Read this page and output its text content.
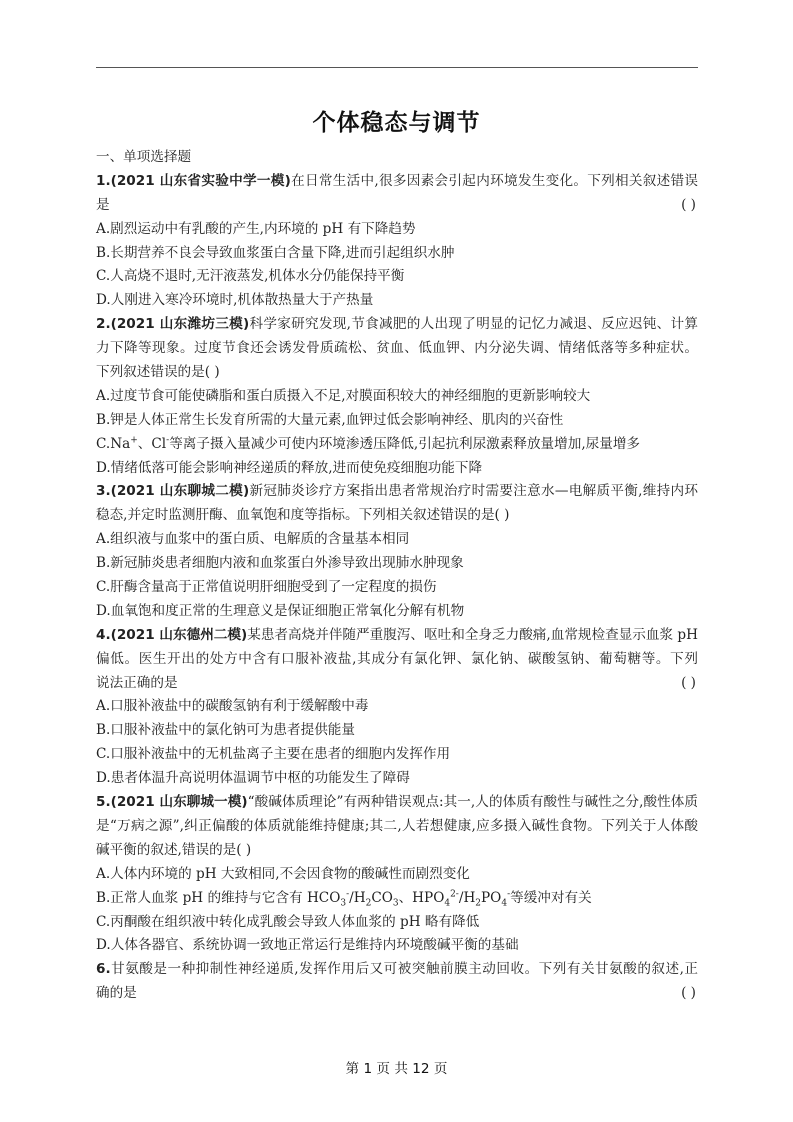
个体稳态与调节
一、单项选择题
1.(2021 山东省实验中学一模)在日常生活中,很多因素会引起内环境发生变化。下列相关叙述错误
是	( )
A.剧烈运动中有乳酸的产生,内环境的 pH 有下降趋势
B.长期营养不良会导致血浆蛋白含量下降,进而引起组织水肿
C.人高烧不退时,无汗液蒸发,机体水分仍能保持平衡
D.人刚进入寒冷环境时,机体散热量大于产热量
2.(2021 山东潍坊三模)科学家研究发现,节食减肥的人出现了明显的记忆力减退、反应迟钝、计算
力下降等现象。过度节食还会诱发骨质疏松、贫血、低血钾、内分泌失调、情绪低落等多种症状。
下列叙述错误的是( )
A.过度节食可能使磷脂和蛋白质摄入不足,对膜面积较大的神经细胞的更新影响较大
B.钾是人体正常生长发育所需的大量元素,血钾过低会影响神经、肌肉的兴奋性
C.Na+、Cl-等离子摄入量减少可使内环境渗透压降低,引起抗利尿激素释放量增加,尿量增多
D.情绪低落可能会影响神经递质的释放,进而使免疫细胞功能下降
3.(2021 山东聊城二模)新冠肺炎诊疗方案指出患者常规治疗时需要注意水—电解质平衡,维持内环
稳态,并定时监测肝酶、血氧饱和度等指标。下列相关叙述错误的是( )
A.组织液与血浆中的蛋白质、电解质的含量基本相同
B.新冠肺炎患者细胞内液和血浆蛋白外渗导致出现肺水肿现象
C.肝酶含量高于正常值说明肝细胞受到了一定程度的损伤
D.血氧饱和度正常的生理意义是保证细胞正常氧化分解有机物
4.(2021 山东德州二模)某患者高烧并伴随严重腹泻、呕吐和全身乏力酸痛,血常规检查显示血浆 pH
偏低。医生开出的处方中含有口服补液盐,其成分有氯化钾、氯化钠、碳酸氢钠、葡萄糖等。下列
说法正确的是	( )
A.口服补液盐中的碳酸氢钠有利于缓解酸中毒
B.口服补液盐中的氯化钠可为患者提供能量
C.口服补液盐中的无机盐离子主要在患者的细胞内发挥作用
D.患者体温升高说明体温调节中枢的功能发生了障碍
5.(2021 山东聊城一模)“酸碱体质理论”有两种错误观点:其一,人的体质有酸性与碱性之分,酸性体质
是“万病之源”,纠正偏酸的体质就能维持健康;其二,人若想健康,应多摄入碱性食物。下列关于人体酸
碱平衡的叙述,错误的是( )
A.人体内环境的 pH 大致相同,不会因食物的酸碱性而剧烈变化
B.正常人血浆 pH 的维持与它含有 $HCO_3^-/H_2CO_3$、$HPO_4^{2-}/H_2PO_4^-$等缓冲对有关
C.丙酮酸在组织液中转化成乳酸会导致人体血浆的 pH 略有降低
D.人体各器官、系统协调一致地正常运行是维持内环境酸碱平衡的基础
6.甘氨酸是一种抑制性神经递质,发挥作用后又可被突触前膜主动回收。下列有关甘氨酸的叙述,正
确的是	( )
第 1 页 共 12 页
